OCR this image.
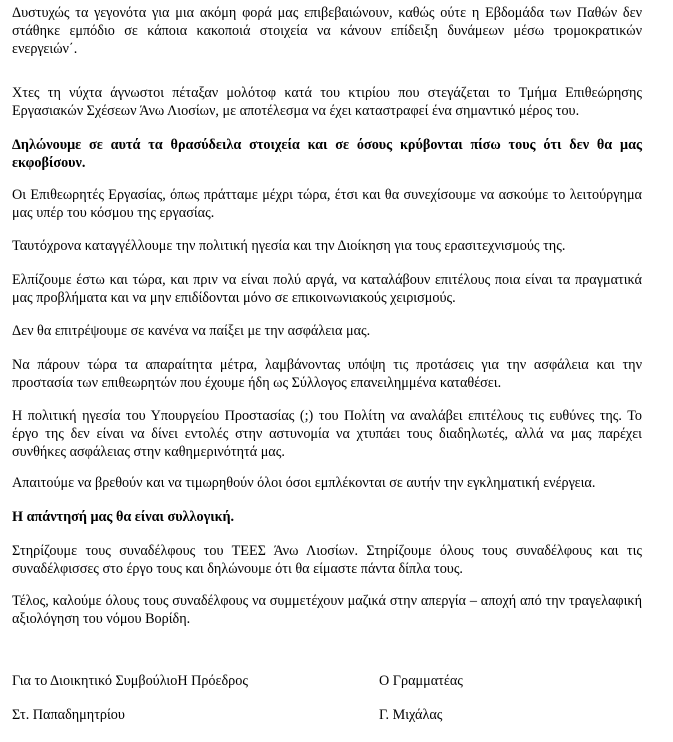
Δυστυχώς τα γεγονότα για μια ακόμη φορά μας επιβεβαιώνουν, καθώς ούτε η Εβδομάδα των Παθών δεν στάθηκε εμπόδιο σε κάποια κακοποιά στοιχεία να κάνουν επίδειξη δυνάμεων μέσω τρομοκρατικών ενεργειών΄.

Χτες τη νύχτα άγνωστοι πέταξαν μολότοφ κατά του κτιρίου που στεγάζεται το Τμήμα Επιθεώρησης Εργασιακών Σχέσεων Άνω Λιοσίων, με αποτέλεσμα να έχει καταστραφεί ένα σημαντικό μέρος του.

Δηλώνουμε σε αυτά τα θρασύδειλα στοιχεία και σε όσους κρύβονται πίσω τους ότι δεν θα μας εκφοβίσουν.

Οι Επιθεωρητές Εργασίας, όπως πράτταμε μέχρι τώρα, έτσι και θα συνεχίσουμε να ασκούμε το λειτούργημα μας υπέρ του κόσμου της εργασίας.

Ταυτόχρονα καταγγέλλουμε την πολιτική ηγεσία και την Διοίκηση για τους ερασιτεχνισμούς της.

Ελπίζουμε έστω και τώρα, και πριν να είναι πολύ αργά, να καταλάβουν επιτέλους ποια είναι τα πραγματικά μας προβλήματα και να μην επιδίδονται μόνο σε επικοινωνιακούς χειρισμούς.

Δεν θα επιτρέψουμε σε κανένα να παίξει με την ασφάλεια μας.

Να πάρουν τώρα τα απαραίτητα μέτρα, λαμβάνοντας υπόψη τις προτάσεις για την ασφάλεια και την προστασία των επιθεωρητών που έχουμε ήδη ως Σύλλογος επανειλημμένα καταθέσει.

Η πολιτική ηγεσία του Υπουργείου Προστασίας (;) του Πολίτη να αναλάβει επιτέλους τις ευθύνες της. Το έργο της δεν είναι να δίνει εντολές στην αστυνομία να χτυπάει τους διαδηλωτές, αλλά να μας παρέχει συνθήκες ασφάλειας στην καθημερινότητά μας.

Απαιτούμε να βρεθούν και να τιμωρηθούν όλοι όσοι εμπλέκονται σε αυτήν την εγκληματική ενέργεια.

Η απάντησή μας θα είναι συλλογική.

Στηρίζουμε τους συναδέλφους του ΤΕΕΣ Άνω Λιοσίων. Στηρίζουμε όλους τους συναδέλφους και τις συναδέλφισσες στο έργο τους και δηλώνουμε ότι θα είμαστε πάντα δίπλα τους.

Τέλος, καλούμε όλους τους συναδέλφους να συμμετέχουν μαζικά στην απεργία – αποχή από την τραγελαφική αξιολόγηση του νόμου Βορίδη.

Για το Διοικητικό ΣυμβούλιοΗ Πρόεδρος	Ο Γραμματέας
Στ. Παπαδημητρίου	Γ. Μιχάλας
